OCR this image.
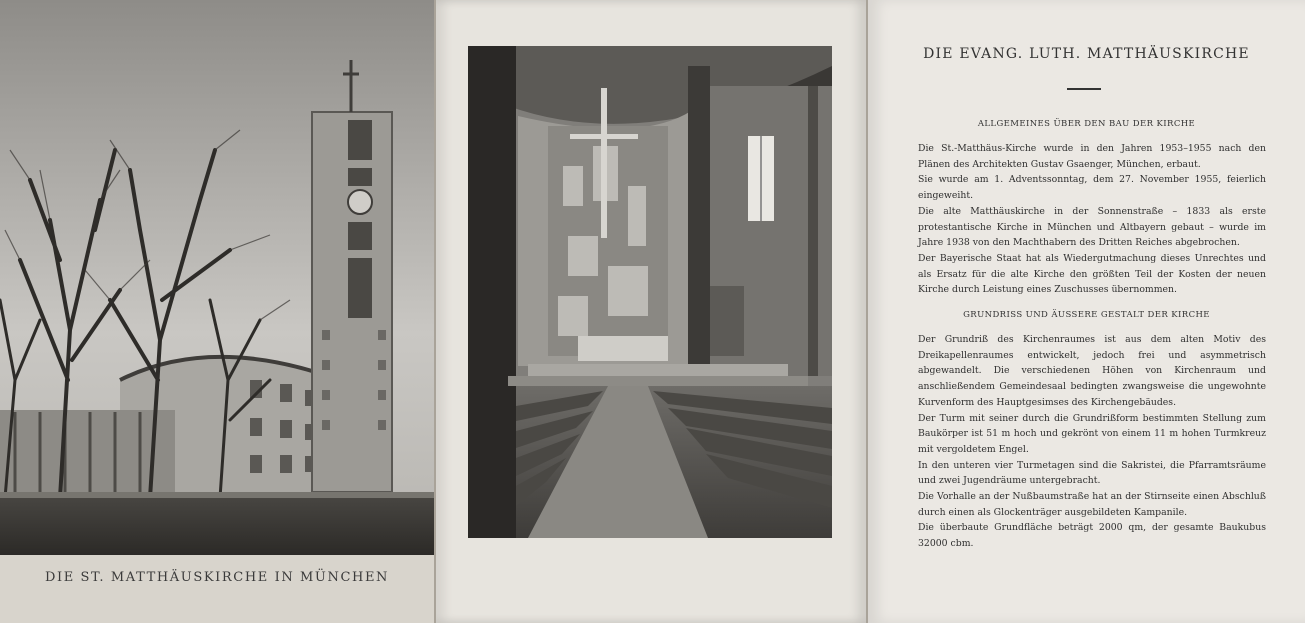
DIE ST. MATTHÄUSKIRCHE IN MÜNCHEN
DIE EVANG. LUTH. MATTHÄUSKIRCHE
ALLGEMEINES ÜBER DEN BAU DER KIRCHE

Die St.-Matthäus-Kirche wurde in den Jahren 1953–1955 nach den Plänen des Architekten Gustav Gsaenger, München, erbaut.

Sie wurde am 1. Adventssonntag, dem 27. November 1955, feierlich eingeweiht.

Die alte Matthäuskirche in der Sonnenstraße – 1833 als erste protestantische Kirche in München und Altbayern gebaut – wurde im Jahre 1938 von den Machthabern des Dritten Reiches abgebrochen.

Der Bayerische Staat hat als Wiedergutmachung dieses Unrechtes und als Ersatz für die alte Kirche den größten Teil der Kosten der neuen Kirche durch Leistung eines Zuschusses übernommen.

GRUNDRISS UND ÄUSSERE GESTALT DER KIRCHE

Der Grundriß des Kirchenraumes ist aus dem alten Motiv des Dreikapellenraumes entwickelt, jedoch frei und asymmetrisch abgewandelt. Die verschiedenen Höhen von Kirchenraum und anschließendem Gemeindesaal bedingten zwangsweise die ungewohnte Kurvenform des Hauptgesimses des Kirchengebäudes.

Der Turm mit seiner durch die Grundrißform bestimmten Stellung zum Baukörper ist 51 m hoch und gekrönt von einem 11 m hohen Turmkreuz mit vergoldetem Engel.

In den unteren vier Turmetagen sind die Sakristei, die Pfarramtsräume und zwei Jugendräume untergebracht.

Die Vorhalle an der Nußbaumstraße hat an der Stirnseite einen Abschluß durch einen als Glockenträger ausgebildeten Kampanile.

Die überbaute Grundfläche beträgt 2000 qm, der gesamte Baukubus 32000 cbm.
